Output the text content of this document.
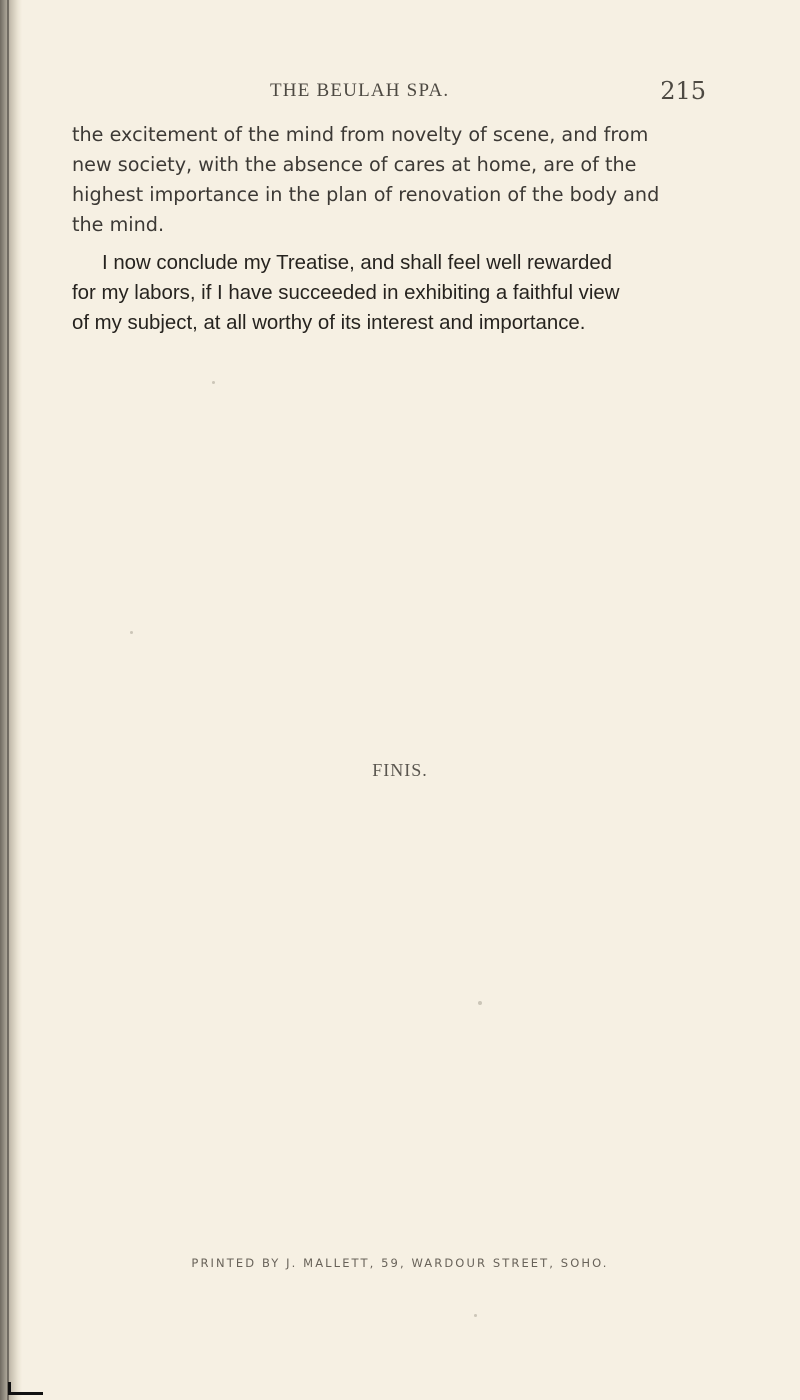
THE BEULAH SPA.	215
the excitement of the mind from novelty of scene, and from
new society, with the absence of cares at home, are of the
highest importance in the plan of renovation of the body and
the mind.
I now conclude my Treatise, and shall feel well rewarded
for my labors, if I have succeeded in exhibiting a faithful view
of my subject, at all worthy of its interest and importance.
FINIS.
PRINTED BY J. MALLETT, 59, WARDOUR STREET, SOHO.
